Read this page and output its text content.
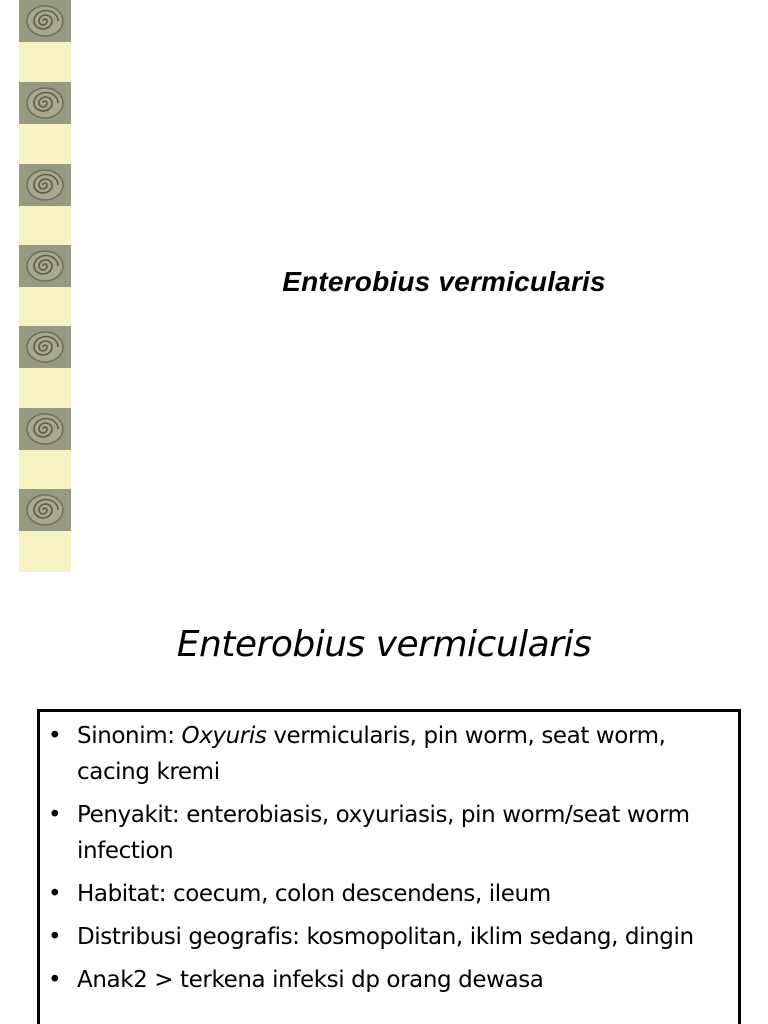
Enterobius vermicularis
Enterobius vermicularis
• Sinonim: Oxyuris vermicularis, pin worm, seat worm, cacing kremi
• Penyakit: enterobiasis, oxyuriasis, pin worm/seat worm infection
• Habitat: coecum, colon descendens, ileum
• Distribusi geografis: kosmopolitan, iklim sedang, dingin
• Anak2 > terkena infeksi dp orang dewasa
